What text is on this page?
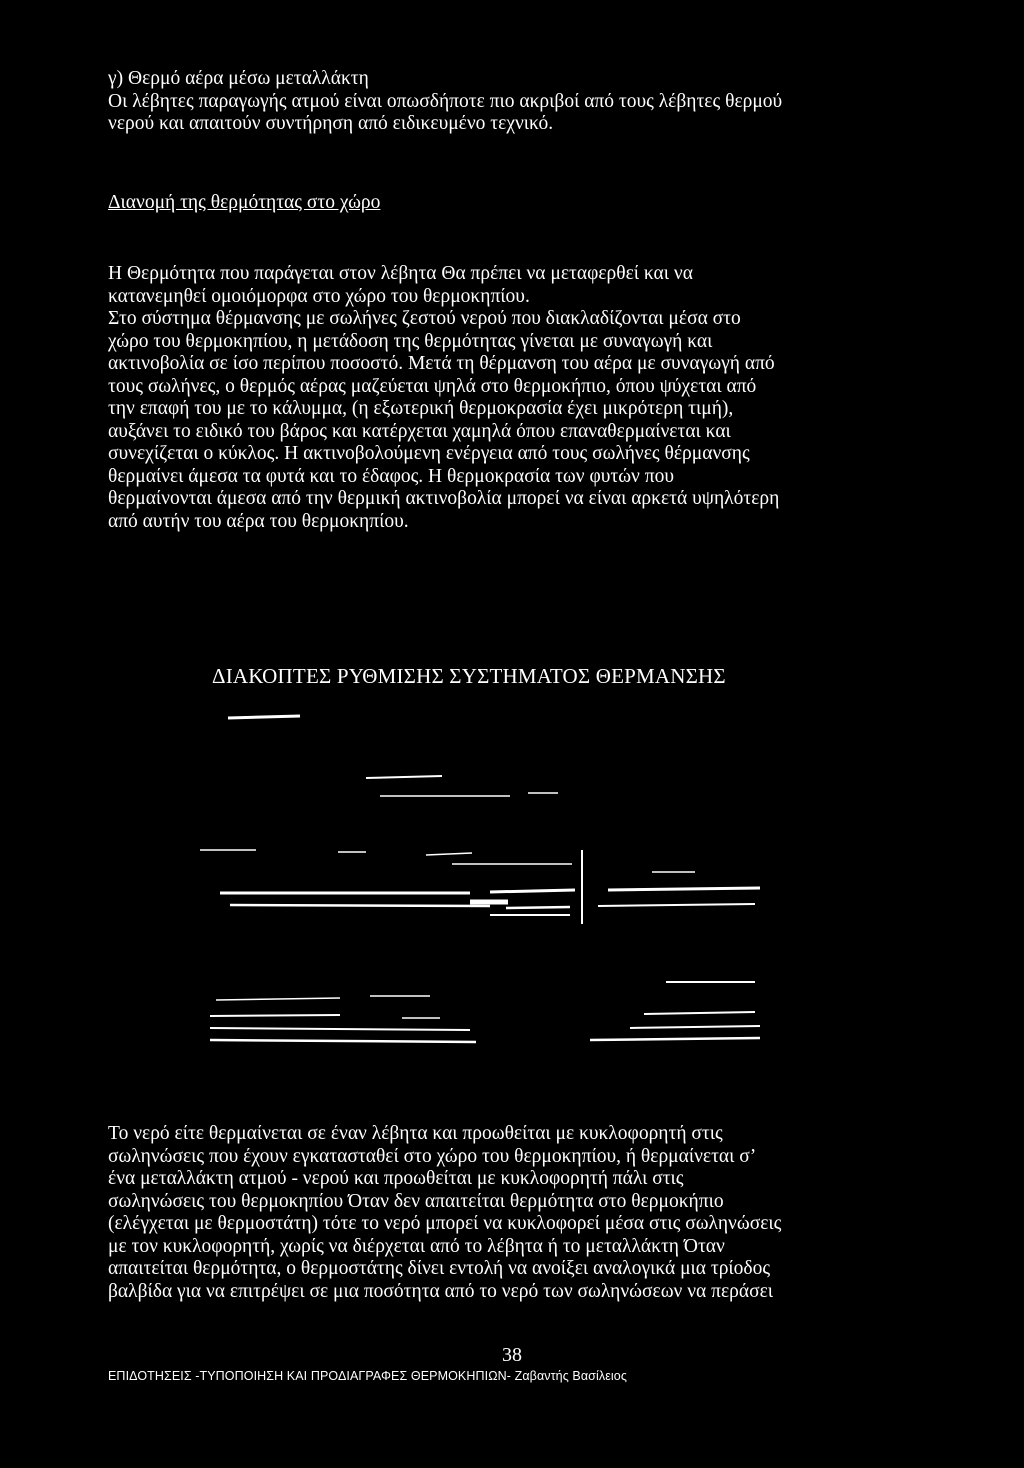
γ) Θερμό αέρα μέσω μεταλλάκτη
Οι λέβητες παραγωγής ατμού είναι οπωσδήποτε πιο ακριβοί από τους λέβητες θερμού
νερού και απαιτούν συντήρηση από ειδικευμένο τεχνικό.
Διανομή της θερμότητας στο χώρο
Η Θερμότητα που παράγεται στον λέβητα Θα πρέπει να μεταφερθεί και να
κατανεμηθεί ομοιόμορφα στο χώρο του θερμοκηπίου.
Στο σύστημα θέρμανσης με σωλήνες ζεστού νερού που διακλαδίζονται μέσα στο
χώρο του θερμοκηπίου, η μετάδοση της θερμότητας γίνεται με συναγωγή και
ακτινοβολία σε ίσο περίπου ποσοστό. Μετά τη θέρμανση του αέρα με συναγωγή από
τους σωλήνες, ο θερμός αέρας μαζεύεται ψηλά στο θερμοκήπιο, όπου ψύχεται από
την επαφή του με το κάλυμμα, (η εξωτερική θερμοκρασία έχει μικρότερη τιμή),
αυξάνει το ειδικό του βάρος και κατέρχεται χαμηλά όπου επαναθερμαίνεται και
συνεχίζεται ο κύκλος. Η ακτινοβολούμενη ενέργεια από τους σωλήνες θέρμανσης
θερμαίνει άμεσα τα φυτά και το έδαφος. Η θερμοκρασία των φυτών που
θερμαίνονται άμεσα από την θερμική ακτινοβολία μπορεί να είναι αρκετά υψηλότερη
από αυτήν του αέρα του θερμοκηπίου.
ΔΙΑΚΟΠΤΕΣ ΡΥΘΜΙΣΗΣ ΣΥΣΤΗΜΑΤΟΣ ΘΕΡΜΑΝΣΗΣ
Το νερό είτε θερμαίνεται σε έναν λέβητα και προωθείται με κυκλοφορητή στις
σωληνώσεις που έχουν εγκατασταθεί στο χώρο του θερμοκηπίου, ή θερμαίνεται σ’
ένα μεταλλάκτη ατμού - νερού και προωθείται με κυκλοφορητή πάλι στις
σωληνώσεις του θερμοκηπίου Όταν δεν απαιτείται θερμότητα στο θερμοκήπιο
(ελέγχεται με θερμοστάτη) τότε το νερό μπορεί να κυκλοφορεί μέσα στις σωληνώσεις
με τον κυκλοφορητή, χωρίς να διέρχεται από το λέβητα ή το μεταλλάκτη Όταν
απαιτείται θερμότητα, ο θερμοστάτης δίνει εντολή να ανοίξει αναλογικά μια τρίοδος
βαλβίδα για να επιτρέψει σε μια ποσότητα από το νερό των σωληνώσεων να περάσει
38
ΕΠΙΔΟΤΗΣΕΙΣ -ΤΥΠΟΠΟΙΗΣΗ ΚΑΙ ΠΡΟΔΙΑΓΡΑΦΕΣ ΘΕΡΜΟΚΗΠΙΩΝ- Ζαβαντής Βασίλειος
